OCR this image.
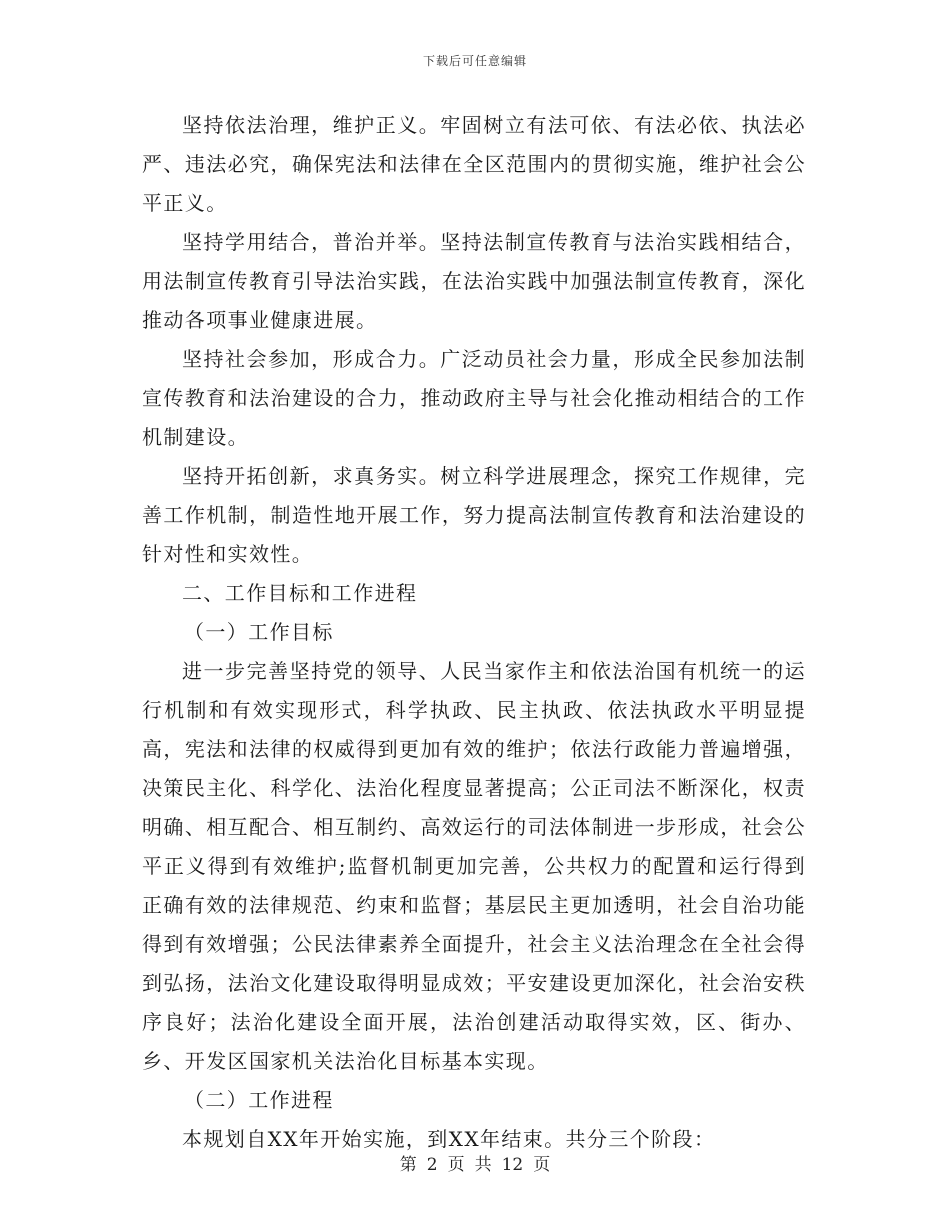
下载后可任意编辑

坚持依法治理，维护正义。牢固树立有法可依、有法必依、执法必严、违法必究，确保宪法和法律在全区范围内的贯彻实施，维护社会公平正义。

坚持学用结合，普治并举。坚持法制宣传教育与法治实践相结合，用法制宣传教育引导法治实践，在法治实践中加强法制宣传教育，深化推动各项事业健康进展。

坚持社会参加，形成合力。广泛动员社会力量，形成全民参加法制宣传教育和法治建设的合力，推动政府主导与社会化推动相结合的工作机制建设。

坚持开拓创新，求真务实。树立科学进展理念，探究工作规律，完善工作机制，制造性地开展工作，努力提高法制宣传教育和法治建设的针对性和实效性。

二、工作目标和工作进程

（一）工作目标

进一步完善坚持党的领导、人民当家作主和依法治国有机统一的运行机制和有效实现形式，科学执政、民主执政、依法执政水平明显提高，宪法和法律的权威得到更加有效的维护；依法行政能力普遍增强，决策民主化、科学化、法治化程度显著提高；公正司法不断深化，权责明确、相互配合、相互制约、高效运行的司法体制进一步形成，社会公平正义得到有效维护;监督机制更加完善，公共权力的配置和运行得到正确有效的法律规范、约束和监督；基层民主更加透明，社会自治功能得到有效增强；公民法律素养全面提升，社会主义法治理念在全社会得到弘扬，法治文化建设取得明显成效；平安建设更加深化，社会治安秩序良好；法治化建设全面开展，法治创建活动取得实效，区、街办、乡、开发区国家机关法治化目标基本实现。

（二）工作进程

本规划自XX年开始实施，到XX年结束。共分三个阶段：

第 2 页 共 12 页
